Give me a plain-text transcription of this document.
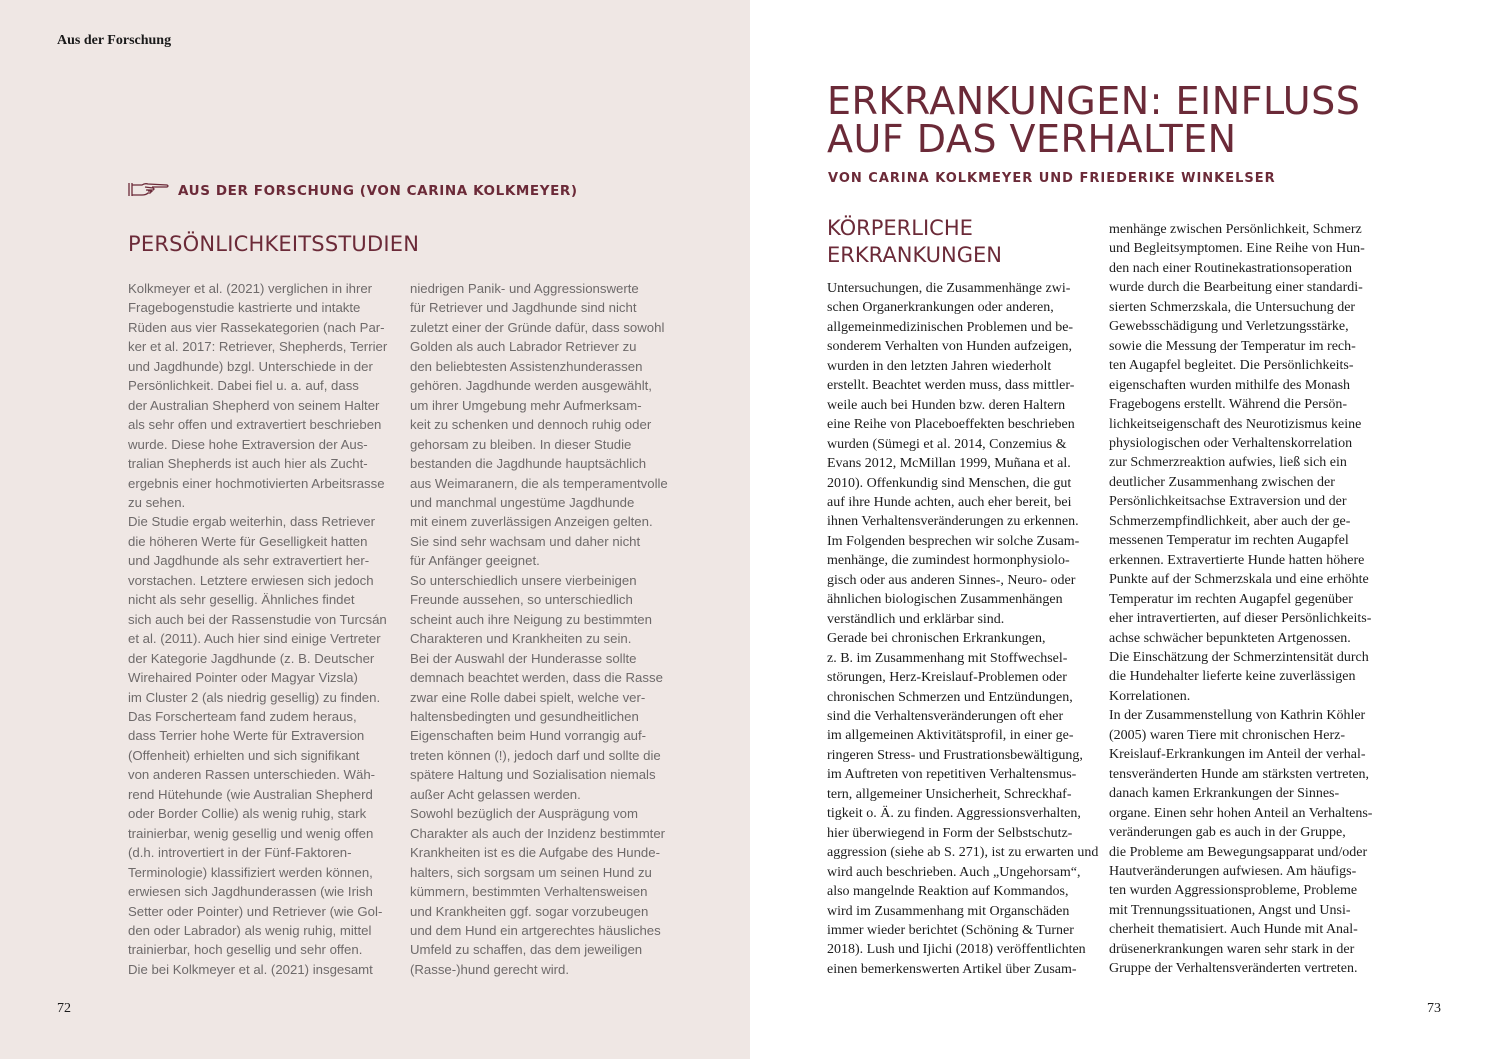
Aus der Forschung
AUS DER FORSCHUNG (VON CARINA KOLKMEYER)
PERSÖNLICHKEITSSTUDIEN
Kolkmeyer et al. (2021) verglichen in ihrer
Fragebogenstudie kastrierte und intakte
Rüden aus vier Rassekategorien (nach Par-
ker et al. 2017: Retriever, Shepherds, Terrier
und Jagdhunde) bzgl. Unterschiede in der
Persönlichkeit. Dabei fiel u. a. auf, dass
der Australian Shepherd von seinem Halter
als sehr offen und extravertiert beschrieben
wurde. Diese hohe Extraversion der Aus-
tralian Shepherds ist auch hier als Zucht-
ergebnis einer hochmotivierten Arbeitsrasse
zu sehen.
Die Studie ergab weiterhin, dass Retriever
die höheren Werte für Geselligkeit hatten
und Jagdhunde als sehr extravertiert her-
vorstachen. Letztere erwiesen sich jedoch
nicht als sehr gesellig. Ähnliches findet
sich auch bei der Rassenstudie von Turcsán
et al. (2011). Auch hier sind einige Vertreter
der Kategorie Jagdhunde (z. B. Deutscher
Wirehaired Pointer oder Magyar Vizsla)
im Cluster 2 (als niedrig gesellig) zu finden.
Das Forscherteam fand zudem heraus,
dass Terrier hohe Werte für Extraversion
(Offenheit) erhielten und sich signifikant
von anderen Rassen unterschieden. Wäh-
rend Hütehunde (wie Australian Shepherd
oder Border Collie) als wenig ruhig, stark
trainierbar, wenig gesellig und wenig offen
(d.h. introvertiert in der Fünf-Faktoren-
Terminologie) klassifiziert werden können,
erwiesen sich Jagdhunderassen (wie Irish
Setter oder Pointer) und Retriever (wie Gol-
den oder Labrador) als wenig ruhig, mittel
trainierbar, hoch gesellig und sehr offen.
Die bei Kolkmeyer et al. (2021) insgesamt
niedrigen Panik- und Aggressionswerte
für Retriever und Jagdhunde sind nicht
zuletzt einer der Gründe dafür, dass sowohl
Golden als auch Labrador Retriever zu
den beliebtesten Assistenzhunderassen
gehören. Jagdhunde werden ausgewählt,
um ihrer Umgebung mehr Aufmerksam-
keit zu schenken und dennoch ruhig oder
gehorsam zu bleiben. In dieser Studie
bestanden die Jagdhunde hauptsächlich
aus Weimaranern, die als temperamentvolle
und manchmal ungestüme Jagdhunde
mit einem zuverlässigen Anzeigen gelten.
Sie sind sehr wachsam und daher nicht
für Anfänger geeignet.
So unterschiedlich unsere vierbeinigen
Freunde aussehen, so unterschiedlich
scheint auch ihre Neigung zu bestimmten
Charakteren und Krankheiten zu sein.
Bei der Auswahl der Hunderasse sollte
demnach beachtet werden, dass die Rasse
zwar eine Rolle dabei spielt, welche ver-
haltensbedingten und gesundheitlichen
Eigenschaften beim Hund vorrangig auf-
treten können (!), jedoch darf und sollte die
spätere Haltung und Sozialisation niemals
außer Acht gelassen werden.
Sowohl bezüglich der Ausprägung vom
Charakter als auch der Inzidenz bestimmter
Krankheiten ist es die Aufgabe des Hunde-
halters, sich sorgsam um seinen Hund zu
kümmern, bestimmten Verhaltensweisen
und Krankheiten ggf. sogar vorzubeugen
und dem Hund ein artgerechtes häusliches
Umfeld zu schaffen, das dem jeweiligen
(Rasse-)hund gerecht wird.
72
ERKRANKUNGEN: EINFLUSS
AUF DAS VERHALTEN
VON CARINA KOLKMEYER UND FRIEDERIKE WINKELSER
KÖRPERLICHE
ERKRANKUNGEN
Untersuchungen, die Zusammenhänge zwi-
schen Organerkrankungen oder anderen,
allgemeinmedizinischen Problemen und be-
sonderem Verhalten von Hunden aufzeigen,
wurden in den letzten Jahren wiederholt
erstellt. Beachtet werden muss, dass mittler-
weile auch bei Hunden bzw. deren Haltern
eine Reihe von Placeboeffekten beschrieben
wurden (Sümegi et al. 2014, Conzemius &
Evans 2012, McMillan 1999, Muñana et al.
2010). Offenkundig sind Menschen, die gut
auf ihre Hunde achten, auch eher bereit, bei
ihnen Verhaltensveränderungen zu erkennen.
Im Folgenden besprechen wir solche Zusam-
menhänge, die zumindest hormonphysiolo-
gisch oder aus anderen Sinnes-, Neuro- oder
ähnlichen biologischen Zusammenhängen
verständlich und erklärbar sind.
Gerade bei chronischen Erkrankungen,
z. B. im Zusammenhang mit Stoffwechsel-
störungen, Herz-Kreislauf-Problemen oder
chronischen Schmerzen und Entzündungen,
sind die Verhaltensveränderungen oft eher
im allgemeinen Aktivitätsprofil, in einer ge-
ringeren Stress- und Frustrationsbewältigung,
im Auftreten von repetitiven Verhaltensmus-
tern, allgemeiner Unsicherheit, Schreckhaf-
tigkeit o. Ä. zu finden. Aggressionsverhalten,
hier überwiegend in Form der Selbstschutz-
aggression (siehe ab S. 271), ist zu erwarten und
wird auch beschrieben. Auch „Ungehorsam“,
also mangelnde Reaktion auf Kommandos,
wird im Zusammenhang mit Organschäden
immer wieder berichtet (Schöning & Turner
2018). Lush und Ijichi (2018) veröffentlichten
einen bemerkenswerten Artikel über Zusam-
menhänge zwischen Persönlichkeit, Schmerz
und Begleitsymptomen. Eine Reihe von Hun-
den nach einer Routinekastrationsoperation
wurde durch die Bearbeitung einer standardi-
sierten Schmerzskala, die Untersuchung der
Gewebsschädigung und Verletzungsstärke,
sowie die Messung der Temperatur im rech-
ten Augapfel begleitet. Die Persönlichkeits-
eigenschaften wurden mithilfe des Monash
Fragebogens erstellt. Während die Persön-
lichkeitseigenschaft des Neurotizismus keine
physiologischen oder Verhaltenskorrelation
zur Schmerzreaktion aufwies, ließ sich ein
deutlicher Zusammenhang zwischen der
Persönlichkeitsachse Extraversion und der
Schmerzempfindlichkeit, aber auch der ge-
messenen Temperatur im rechten Augapfel
erkennen. Extravertierte Hunde hatten höhere
Punkte auf der Schmerzskala und eine erhöhte
Temperatur im rechten Augapfel gegenüber
eher intravertierten, auf dieser Persönlichkeits-
achse schwächer bepunkteten Artgenossen.
Die Einschätzung der Schmerzintensität durch
die Hundehalter lieferte keine zuverlässigen
Korrelationen.
In der Zusammenstellung von Kathrin Köhler
(2005) waren Tiere mit chronischen Herz-
Kreislauf-Erkrankungen im Anteil der verhal-
tensveränderten Hunde am stärksten vertreten,
danach kamen Erkrankungen der Sinnes-
organe. Einen sehr hohen Anteil an Verhaltens-
veränderungen gab es auch in der Gruppe,
die Probleme am Bewegungsapparat und/oder
Hautveränderungen aufwiesen. Am häufigs-
ten wurden Aggressionsprobleme, Probleme
mit Trennungssituationen, Angst und Unsi-
cherheit thematisiert. Auch Hunde mit Anal-
drüsenerkrankungen waren sehr stark in der
Gruppe der Verhaltensveränderten vertreten.
73
